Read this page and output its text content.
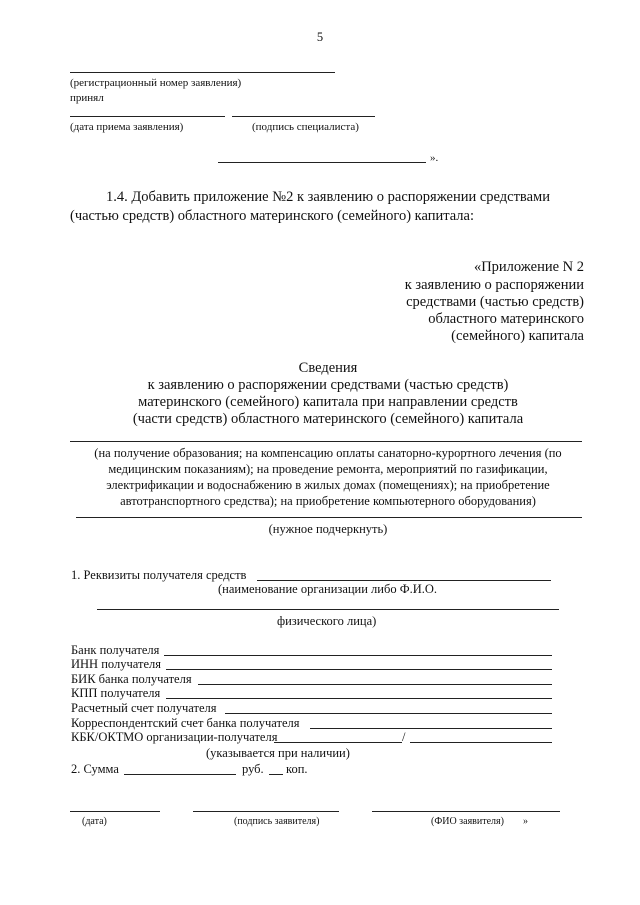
5
(регистрационный номер заявления)
принял
(дата приема заявления)	(подпись специалиста)
».
1.4. Добавить приложение №2 к заявлению о распоряжении средствами
(частью средств) областного материнского (семейного) капитала:
«Приложение N 2
к заявлению о распоряжении
средствами (частью средств)
областного материнского
(семейного) капитала
Сведения
к заявлению о распоряжении средствами (частью средств)
материнского (семейного) капитала при направлении средств
(части средств) областного материнского (семейного) капитала
(на получение образования; на компенсацию оплаты санаторно-курортного лечения (по
медицинским показаниям); на проведение ремонта, мероприятий по газификации,
электрификации и водоснабжению в жилых домах (помещениях); на приобретение
автотранспортного средства); на приобретение компьютерного оборудования)
(нужное подчеркнуть)
1. Реквизиты получателя средств
(наименование организации либо Ф.И.О.
физического лица)
Банк получателя
ИНН получателя
БИК банка получателя
КПП получателя
Расчетный счет получателя
Корреспондентский счет банка получателя
КБК/ОКТМО организации-получателя	/
(указывается при наличии)
2. Сумма	руб. коп.
(дата)	(подпись заявителя)	(ФИО заявителя) »
